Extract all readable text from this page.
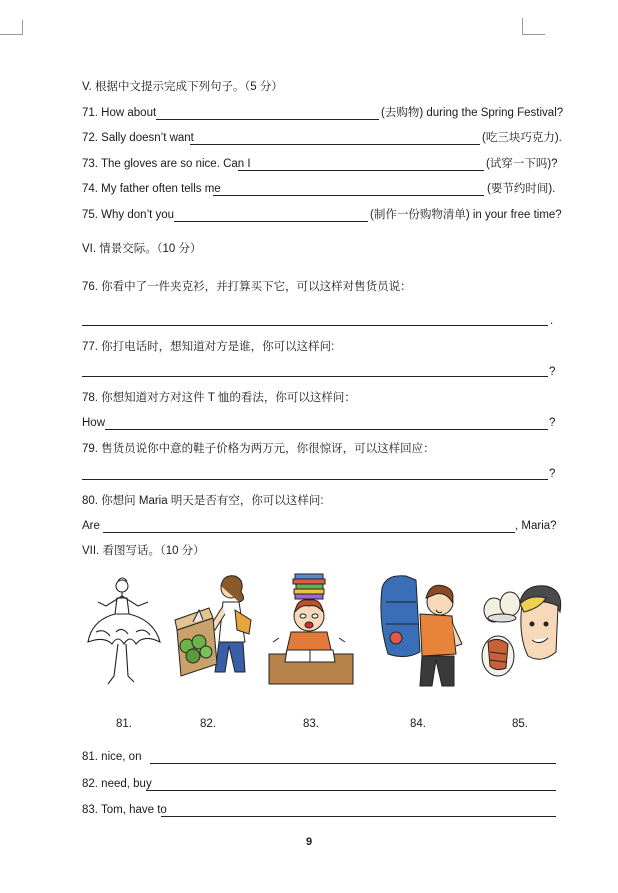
V. 根据中文提示完成下列句子。（5 分）
71. How about	(去购物) during the Spring Festival?
72. Sally doesn’t want	(吃三块巧克力).
73. The gloves are so nice. Can I	(试穿一下吗)?
74. My father often tells me	(要节约时间).
75. Why don’t you	(制作一份购物清单) in your free time?
VI. 情景交际。（10 分）
76. 你看中了一件夹克衫，并打算买下它，可以这样对售货员说：
.
77. 你打电话时，想知道对方是谁，你可以这样问:
?
78. 你想知道对方对这件 T 恤的看法，你可以这样问：
How	?
79. 售货员说你中意的鞋子价格为两万元，你很惊讶，可以这样回应：
?
80. 你想问 Maria 明天是否有空，你可以这样问:
Are	, Maria?
VII. 看图写话。（10 分）
81.	82.	83.	84.	85.
81. nice, on
82. need, buy
83. Tom, have to
9
